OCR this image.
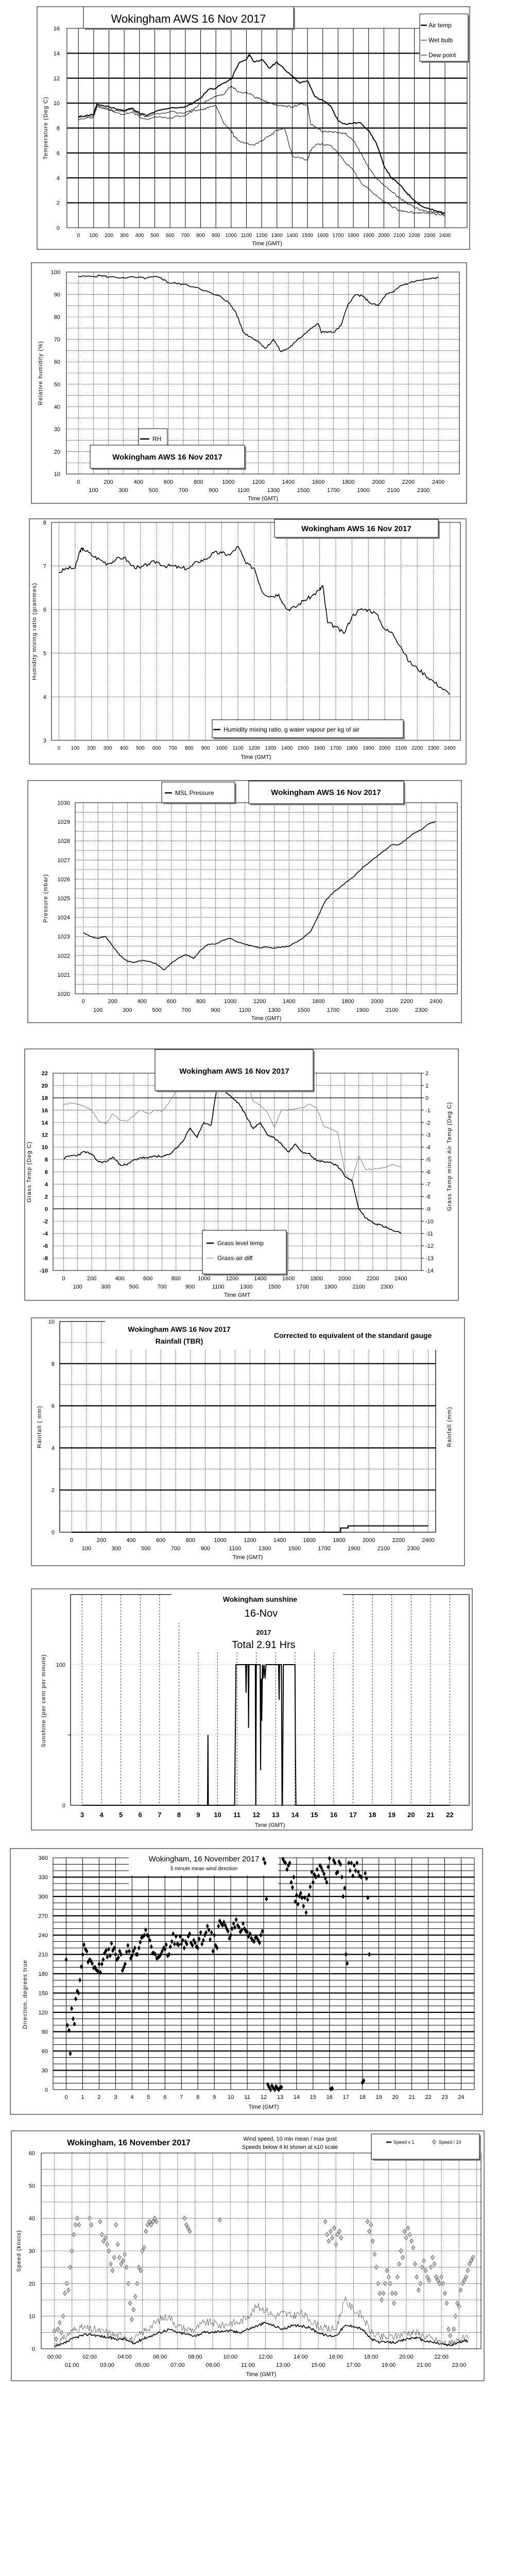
0
2
4
6
8
10
12
14
16
0 100 200 300 400 500 600 700 800 900 1000 1100 1200 1300 1400 1500 1600 1700 1800 1900 2000 2100 2200 2300 2400
Time (GMT)
Temperature (Deg C)
Wokingham AWS 16 Nov 2017	Air temp
Wet bulb
Dew point
10
20
30
40
50
60
70
80
90
100
0	200	400	600	800	1000	1200	1400	1600	1800	2000	2200	2400
100	300	500	700	900	1100	1300	1500	1700	1900	2100	2300
Time (GMT)
Relative humidity (%)
RH
Wokingham AWS 16 Nov 2017
3
4
5
6
7
8
0 100 200 300 400 500 600 700 800 900 1000 1100 1200 1300 1400 1500 1600 1700 1800 1900 2000 2100 2200 2300 2400
Time (GMT)
Humidity mixing ratio (grammes)
Wokingham AWS 16 Nov 2017
Humidity mixing ratio, g water vapour per kg of air
1020
1021
1022
1023
1024
1025
1026
1027
1028
1029
1030
0	200	400	600	800	1000	1200	1400	1600	1800	2000	2200	2400
100	300	500	700	900	1100	1300	1500	1700	1900	2100	2300
Time (GMT)
Pressure (mbar)
MSL Pressure	Wokingham AWS 16 Nov 2017
-10
-8
-6
-4
-2
0
2
4
6
8
10
12
14
16
18
20
22
-14
-13
-12
-11
-10
-9
-8
-7
-6
-5
-4
-3
-2
-1
0
1
2
0	200	400	600	800	1000	1200	1400	1600	1800	2000	2200	2400
100	300	500	700	900	1100	1300	1500	1700	1900	2100	2300
Time GMT
Grass Temp (Deg C)	Grass Temp minus Air Temp (Deg C)
Wokingham AWS 16 Nov 2017
Grass level temp
Grass-air diff
0
2
4
6
8
10
0	200	400	600	800	1000	1200	1400	1600	1800	2000	2200	2400
100	300	500	700	900	1100	1300	1500	1700	1900	2100	2300
Time (GMT)
Rainfall ( mm)	Rainfall (mm)
Wokingham AWS 16 Nov 2017
Rainfall (TBR)
Corrected to equivalent of the standard gauge
3 4 5 6 7 8 9 10 11 12 13 14 15 16 17 18 19 20 21 22
0
100
Time (GMT)
Sunshine (per cent per minute)
Wokingham sunshine
16-Nov
2017
Total 2.91 Hrs
0 1 2 3 4 5 6 7 8 9 10 11 12 13 14 15 16 17 18 19 20 21 22 23 24
0
30
60
90
120
150
180
210
240
270
300
330
360
Time (GMT)
Direction, degrees true
Wokingham, 16 November 2017
5 minute mean wind direction
0
10
20
30
40
50
60
00:00	02:00	04:00	06:00	08:00	10:00	12:00	14:00	16:00	18:00	20:00	22:00
01:00	03:00	05:00	07:00	09:00	11:00	13:00	15:00	17:00	19:00	21:00	23:00
Time (GMT)
Speed (knots)
Wokingham, 16 November 2017	Wind speed, 10 min mean / max gust
Speeds below 4 kt shown at x10 scale
Speed x 1	Speed / 10
